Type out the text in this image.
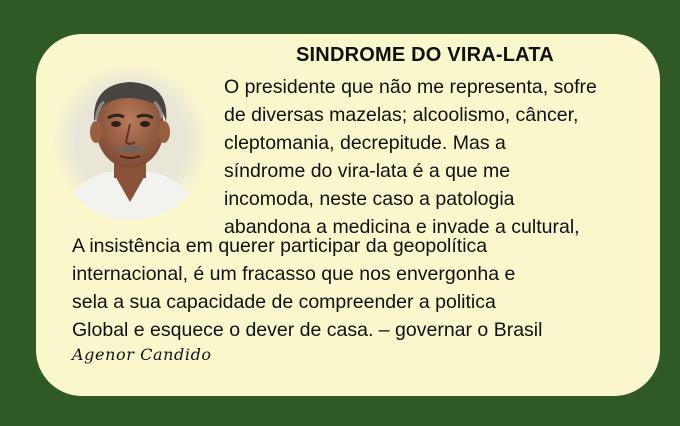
SINDROME DO VIRA-LATA
O presidente que não me representa, sofre
de diversas mazelas; alcoolismo, câncer,
cleptomania, decrepitude. Mas a
síndrome do vira-lata é a que me
incomoda, neste caso a patologia
abandona a medicina e invade a cultural,
A insistência em querer participar da geopolítica
internacional, é um fracasso que nos envergonha e
sela a sua capacidade de compreender a politica
Global e esquece o dever de casa. – governar o Brasil
Agenor Candido
